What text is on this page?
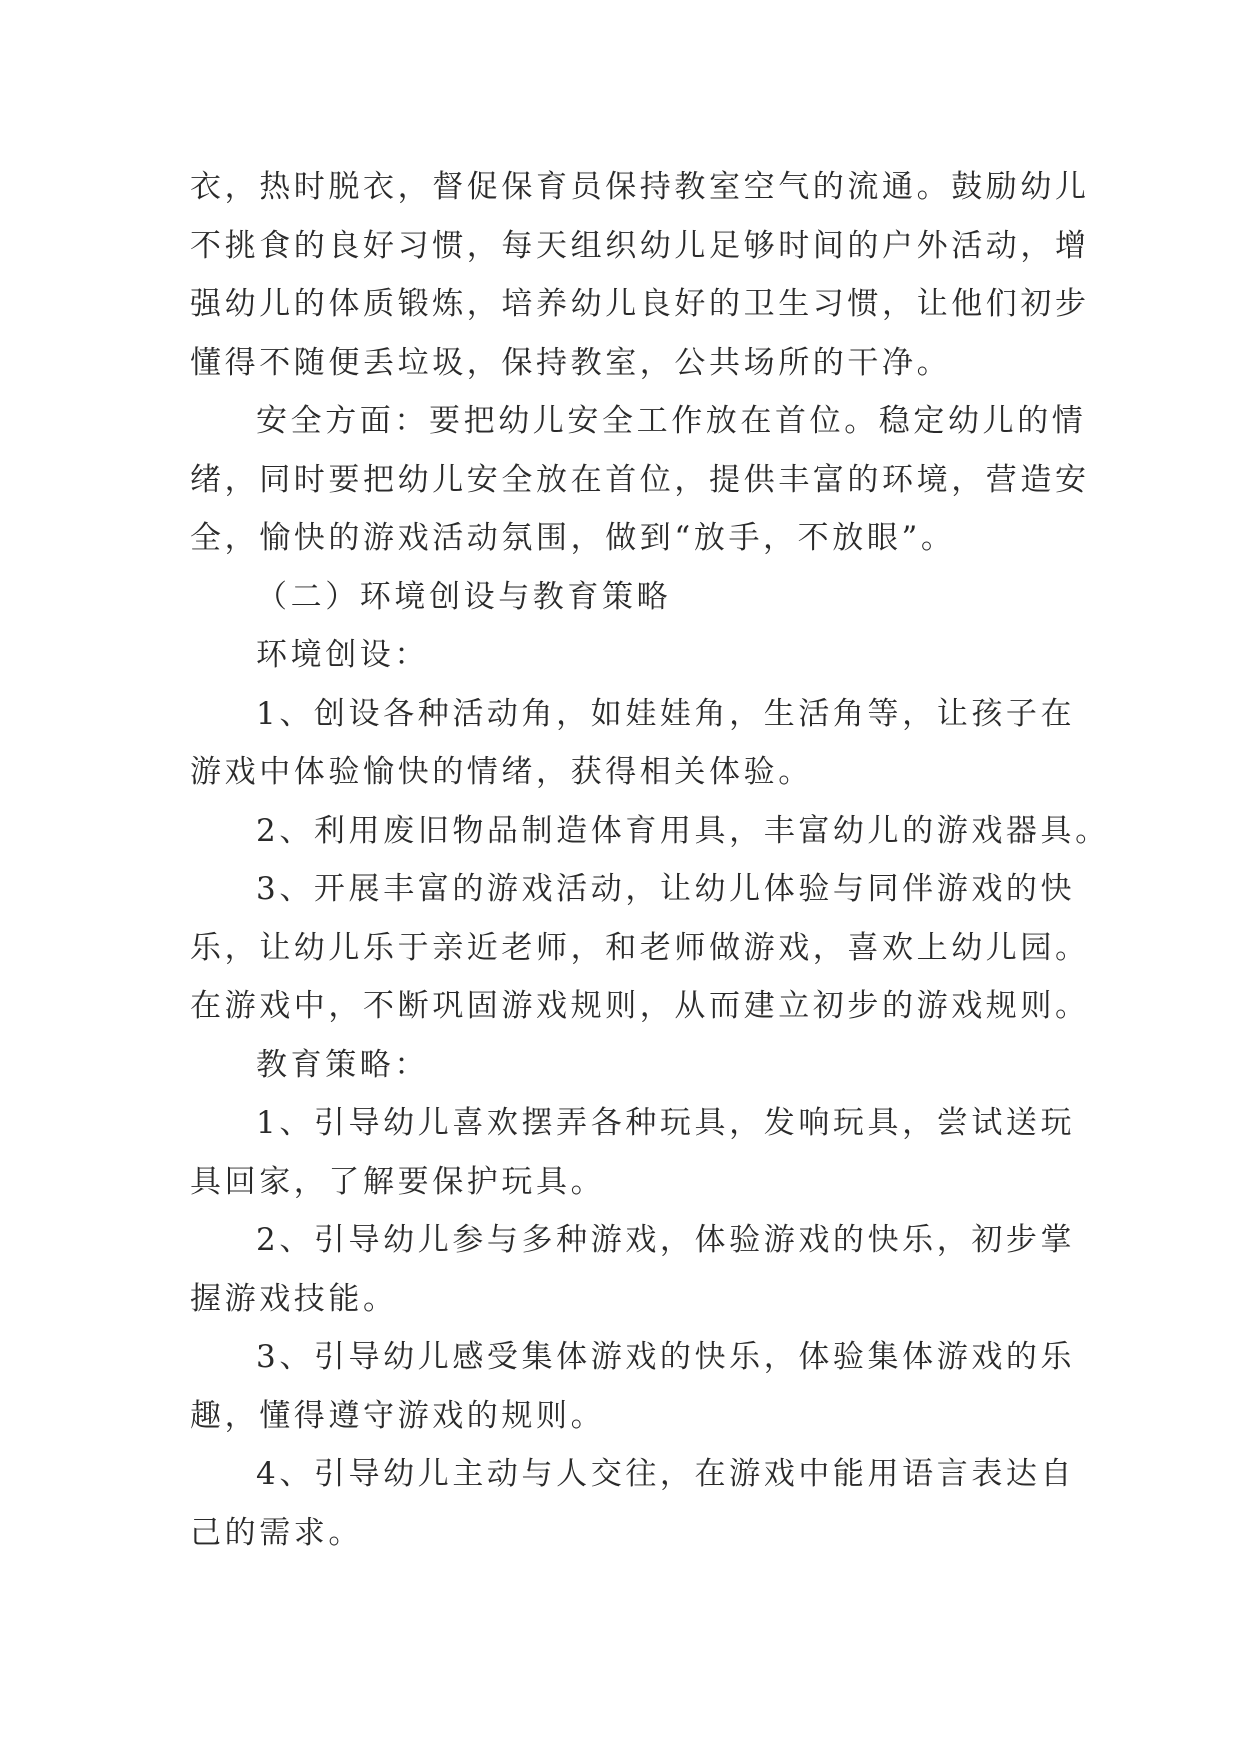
衣，热时脱衣，督促保育员保持教室空气的流通。鼓励幼儿
不挑食的良好习惯，每天组织幼儿足够时间的户外活动，增
强幼儿的体质锻炼，培养幼儿良好的卫生习惯，让他们初步
懂得不随便丢垃圾，保持教室，公共场所的干净。
安全方面：要把幼儿安全工作放在首位。稳定幼儿的情
绪，同时要把幼儿安全放在首位，提供丰富的环境，营造安
全，愉快的游戏活动氛围，做到“放手，不放眼”。
（二）环境创设与教育策略
环境创设：
1、创设各种活动角，如娃娃角，生活角等，让孩子在
游戏中体验愉快的情绪，获得相关体验。
2、利用废旧物品制造体育用具，丰富幼儿的游戏器具。
3、开展丰富的游戏活动，让幼儿体验与同伴游戏的快
乐，让幼儿乐于亲近老师，和老师做游戏，喜欢上幼儿园。
在游戏中，不断巩固游戏规则，从而建立初步的游戏规则。
教育策略：
1、引导幼儿喜欢摆弄各种玩具，发响玩具，尝试送玩
具回家，了解要保护玩具。
2、引导幼儿参与多种游戏，体验游戏的快乐，初步掌
握游戏技能。
3、引导幼儿感受集体游戏的快乐，体验集体游戏的乐
趣，懂得遵守游戏的规则。
4、引导幼儿主动与人交往，在游戏中能用语言表达自
己的需求。
